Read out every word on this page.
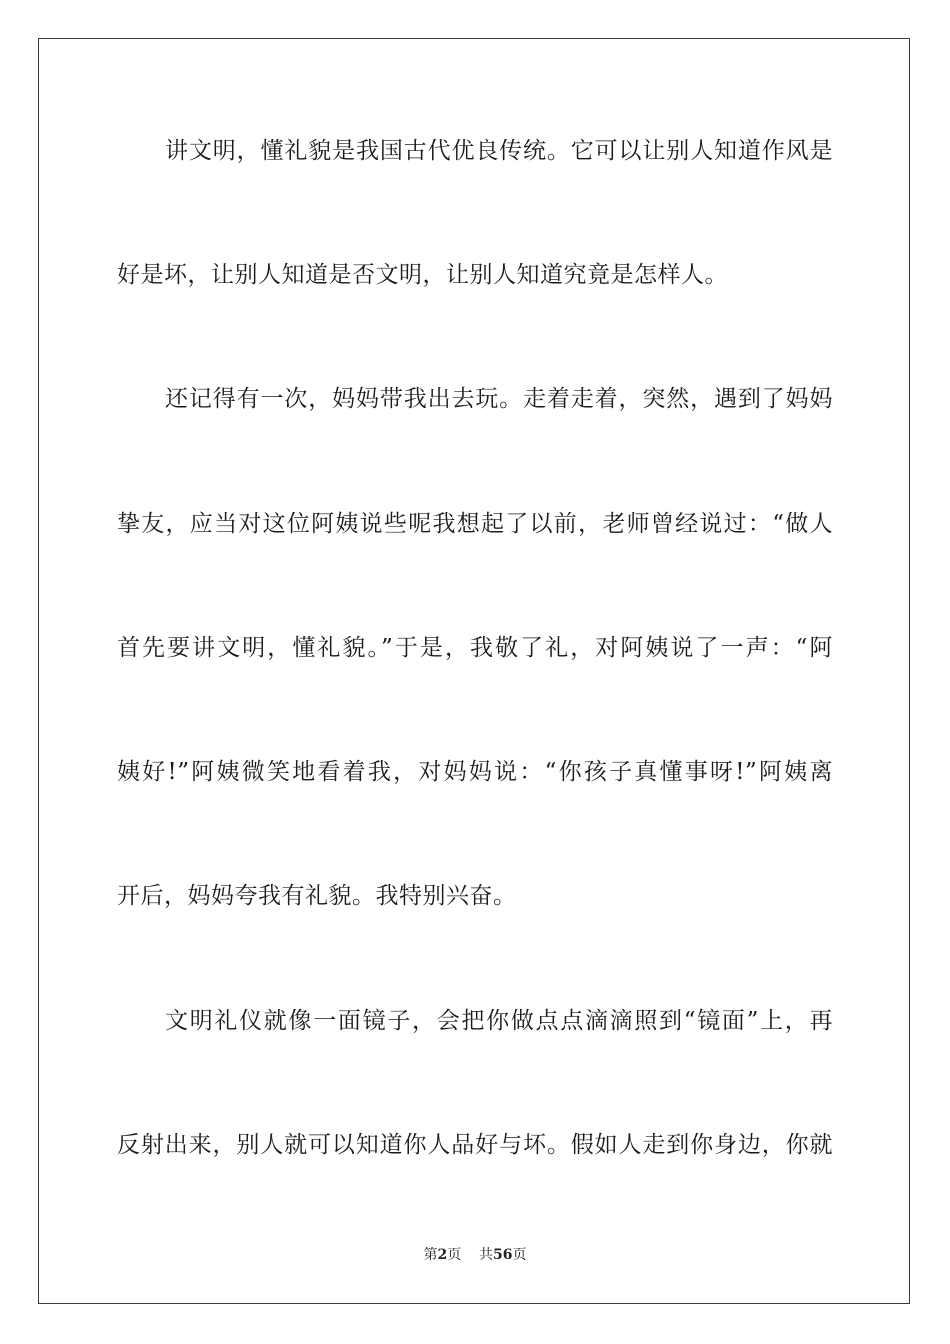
讲文明，懂礼貌是我国古代优良传统。它可以让别人知道作风是
好是坏，让别人知道是否文明，让别人知道究竟是怎样人。
还记得有一次，妈妈带我出去玩。走着走着，突然，遇到了妈妈
挚友，应当对这位阿姨说些呢我想起了以前，老师曾经说过：“做人
首先要讲文明，懂礼貌。”于是，我敬了礼，对阿姨说了一声：“阿
姨好!”阿姨微笑地看着我，对妈妈说：“你孩子真懂事呀!”阿姨离
开后，妈妈夸我有礼貌。我特别兴奋。
文明礼仪就像一面镜子，会把你做点点滴滴照到“镜面”上，再
反射出来，别人就可以知道你人品好与坏。假如人走到你身边，你就
第2页 共56页
